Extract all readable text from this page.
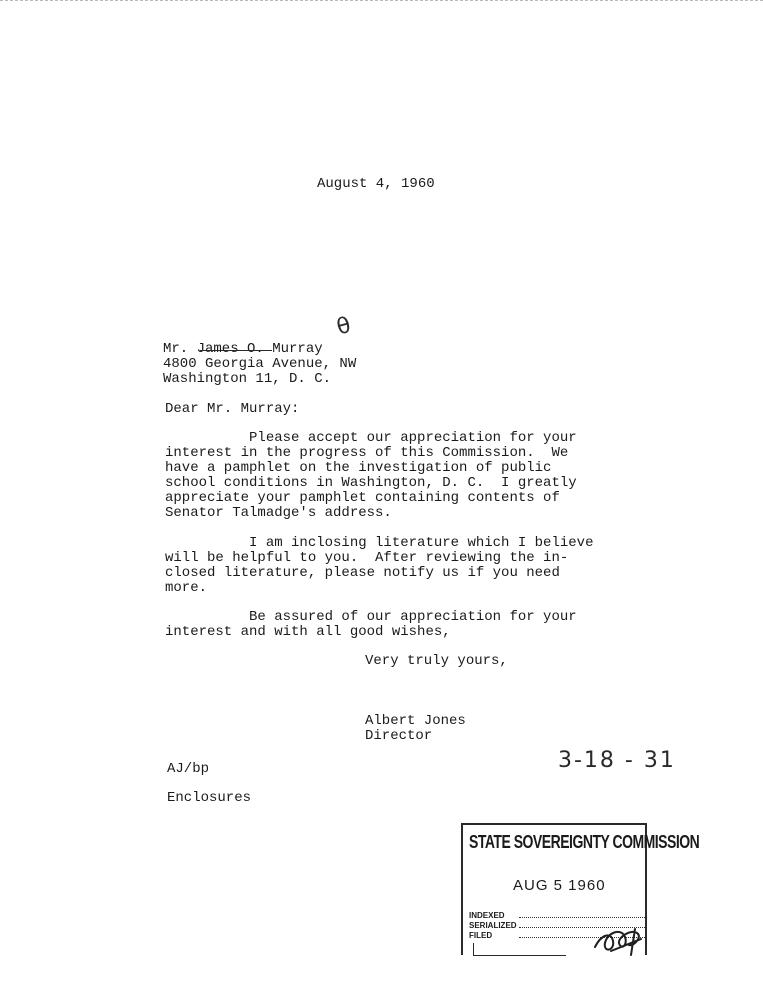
August 4, 1960
θ
Mr. James O. Murray
4800 Georgia Avenue, NW
Washington 11, D. C.
Dear Mr. Murray:
Please accept our appreciation for your
interest in the progress of this Commission.  We
have a pamphlet on the investigation of public
school conditions in Washington, D. C.  I greatly
appreciate your pamphlet containing contents of
Senator Talmadge's address.
I am inclosing literature which I believe
will be helpful to you.  After reviewing the in-
closed literature, please notify us if you need
more.
Be assured of our appreciation for your
interest and with all good wishes,
Very truly yours,
Albert Jones
Director
3-18 - 31
AJ/bp
Enclosures
STATE SOVEREIGNTY COMMISSION
AUG 5 1960
INDEXED
SERIALIZED
FILED
